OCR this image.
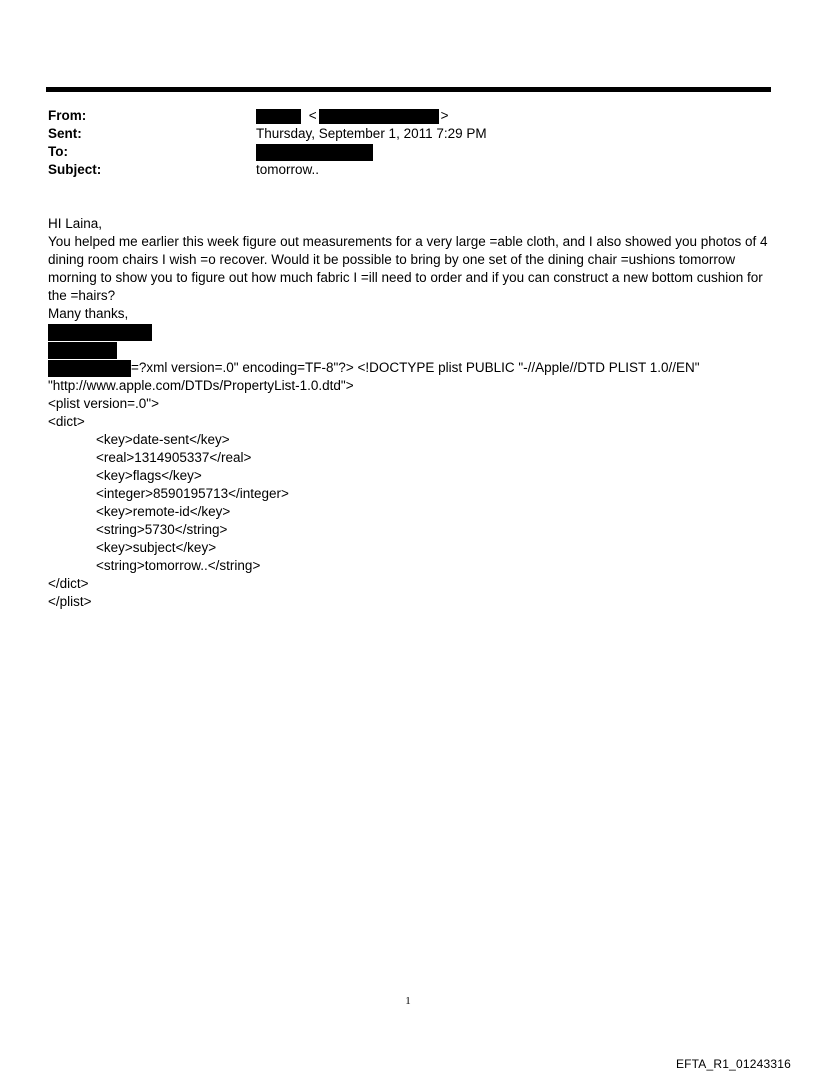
From:	<	>
Sent:	Thursday, September 1, 2011 7:29 PM
To:
Subject:	tomorrow..
HI Laina,
You helped me earlier this week figure out measurements for a very large =able cloth, and I also showed you photos of 4 dining room chairs I wish =o recover. Would it be possible to bring by one set of the dining chair =ushions tomorrow morning to show you to figure out how much fabric I =ill need to order and if you can construct a new bottom cushion for the =hairs?
Many thanks,
=?xml version=.0" encoding=TF-8"?> <!DOCTYPE plist PUBLIC "-//Apple//DTD PLIST 1.0//EN"
"http://www.apple.com/DTDs/PropertyList-1.0.dtd">
<plist version=.0">
<dict>
<key>date-sent</key>
<real>1314905337</real>
<key>flags</key>
<integer>8590195713</integer>
<key>remote-id</key>
<string>5730</string>
<key>subject</key>
<string>tomorrow..</string>
</dict>
</plist>
1
EFTA_R1_01243316
